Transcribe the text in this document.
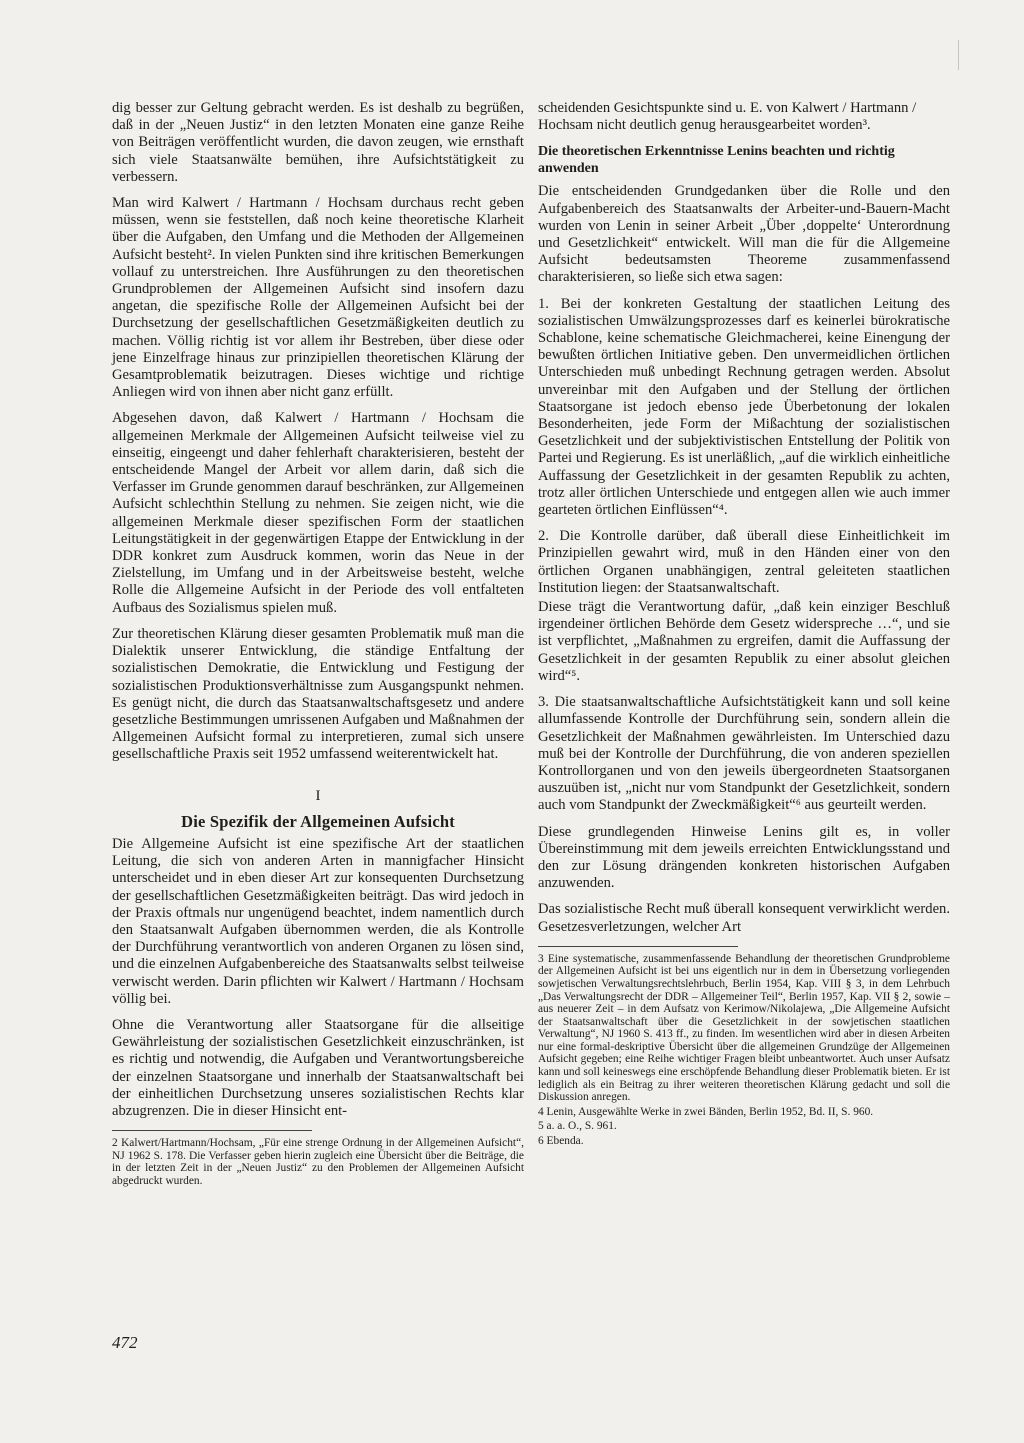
dig besser zur Geltung gebracht werden. Es ist deshalb zu begrüßen, daß in der „Neuen Justiz“ in den letzten Monaten eine ganze Reihe von Beiträgen veröffentlicht wurden, die davon zeugen, wie ernsthaft sich viele Staatsanwälte bemühen, ihre Aufsichtstätigkeit zu verbessern.

Man wird Kalwert / Hartmann / Hochsam durchaus recht geben müssen, wenn sie feststellen, daß noch keine theoretische Klarheit über die Aufgaben, den Umfang und die Methoden der Allgemeinen Aufsicht besteht². In vielen Punkten sind ihre kritischen Bemerkungen vollauf zu unterstreichen. Ihre Ausführungen zu den theoretischen Grundproblemen der Allgemeinen Aufsicht sind insofern dazu angetan, die spezifische Rolle der Allgemeinen Aufsicht bei der Durchsetzung der gesellschaftlichen Gesetzmäßigkeiten deutlich zu machen. Völlig richtig ist vor allem ihr Bestreben, über diese oder jene Einzelfrage hinaus zur prinzipiellen theoretischen Klärung der Gesamtproblematik beizutragen. Dieses wichtige und richtige Anliegen wird von ihnen aber nicht ganz erfüllt.

Abgesehen davon, daß Kalwert / Hartmann / Hochsam die allgemeinen Merkmale der Allgemeinen Aufsicht teilweise viel zu einseitig, eingeengt und daher fehlerhaft charakterisieren, besteht der entscheidende Mangel der Arbeit vor allem darin, daß sich die Verfasser im Grunde genommen darauf beschränken, zur Allgemeinen Aufsicht schlechthin Stellung zu nehmen. Sie zeigen nicht, wie die allgemeinen Merkmale dieser spezifischen Form der staatlichen Leitungstätigkeit in der gegenwärtigen Etappe der Entwicklung in der DDR konkret zum Ausdruck kommen, worin das Neue in der Zielstellung, im Umfang und in der Arbeitsweise besteht, welche Rolle die Allgemeine Aufsicht in der Periode des voll entfalteten Aufbaus des Sozialismus spielen muß.

Zur theoretischen Klärung dieser gesamten Problematik muß man die Dialektik unserer Entwicklung, die ständige Entfaltung der sozialistischen Demokratie, die Entwicklung und Festigung der sozialistischen Produktionsverhältnisse zum Ausgangspunkt nehmen. Es genügt nicht, die durch das Staatsanwaltschaftsgesetz und andere gesetzliche Bestimmungen umrissenen Aufgaben und Maßnahmen der Allgemeinen Aufsicht formal zu interpretieren, zumal sich unsere gesellschaftliche Praxis seit 1952 umfassend weiterentwickelt hat.

I
Die Spezifik der Allgemeinen Aufsicht

Die Allgemeine Aufsicht ist eine spezifische Art der staatlichen Leitung, die sich von anderen Arten in mannigfacher Hinsicht unterscheidet und in eben dieser Art zur konsequenten Durchsetzung der gesellschaftlichen Gesetzmäßigkeiten beiträgt. Das wird jedoch in der Praxis oftmals nur ungenügend beachtet, indem namentlich durch den Staatsanwalt Aufgaben übernommen werden, die als Kontrolle der Durchführung verantwortlich von anderen Organen zu lösen sind, und die einzelnen Aufgabenbereiche des Staatsanwalts selbst teilweise verwischt werden. Darin pflichten wir Kalwert / Hartmann / Hochsam völlig bei.

Ohne die Verantwortung aller Staatsorgane für die allseitige Gewährleistung der sozialistischen Gesetzlichkeit einzuschränken, ist es richtig und notwendig, die Aufgaben und Verantwortungsbereiche der einzelnen Staatsorgane und innerhalb der Staatsanwaltschaft bei der einheitlichen Durchsetzung unseres sozialistischen Rechts klar abzugrenzen. Die in dieser Hinsicht ent-

2 Kalwert/Hartmann/Hochsam, „Für eine strenge Ordnung in der Allgemeinen Aufsicht“, NJ 1962 S. 178. Die Verfasser geben hierin zugleich eine Übersicht über die Beiträge, die in der letzten Zeit in der „Neuen Justiz“ zu den Problemen der Allgemeinen Aufsicht abgedruckt wurden.

scheidenden Gesichtspunkte sind u. E. von Kalwert / Hartmann / Hochsam nicht deutlich genug herausgearbeitet worden³.

Die theoretischen Erkenntnisse Lenins beachten und richtig anwenden

Die entscheidenden Grundgedanken über die Rolle und den Aufgabenbereich des Staatsanwalts der Arbeiter-und-Bauern-Macht wurden von Lenin in seiner Arbeit „Über ‚doppelte‘ Unterordnung und Gesetzlichkeit“ entwickelt. Will man die für die Allgemeine Aufsicht bedeutsamsten Theoreme zusammenfassend charakterisieren, so ließe sich etwa sagen:

1. Bei der konkreten Gestaltung der staatlichen Leitung des sozialistischen Umwälzungsprozesses darf es keinerlei bürokratische Schablone, keine schematische Gleichmacherei, keine Einengung der bewußten örtlichen Initiative geben. Den unvermeidlichen örtlichen Unterschieden muß unbedingt Rechnung getragen werden. Absolut unvereinbar mit den Aufgaben und der Stellung der örtlichen Staatsorgane ist jedoch ebenso jede Überbetonung der lokalen Besonderheiten, jede Form der Mißachtung der sozialistischen Gesetzlichkeit und der subjektivistischen Entstellung der Politik von Partei und Regierung. Es ist unerläßlich, „auf die wirklich einheitliche Auffassung der Gesetzlichkeit in der gesamten Republik zu achten, trotz aller örtlichen Unterschiede und entgegen allen wie auch immer gearteten örtlichen Einflüssen“⁴.

2. Die Kontrolle darüber, daß überall diese Einheitlichkeit im Prinzipiellen gewahrt wird, muß in den Händen einer von den örtlichen Organen unabhängigen, zentral geleiteten staatlichen Institution liegen: der Staatsanwaltschaft.

Diese trägt die Verantwortung dafür, „daß kein einziger Beschluß irgendeiner örtlichen Behörde dem Gesetz widerspreche …“, und sie ist verpflichtet, „Maßnahmen zu ergreifen, damit die Auffassung der Gesetzlichkeit in der gesamten Republik zu einer absolut gleichen wird“⁵.

3. Die staatsanwaltschaftliche Aufsichtstätigkeit kann und soll keine allumfassende Kontrolle der Durchführung sein, sondern allein die Gesetzlichkeit der Maßnahmen gewährleisten. Im Unterschied dazu muß bei der Kontrolle der Durchführung, die von anderen speziellen Kontrollorganen und von den jeweils übergeordneten Staatsorganen auszuüben ist, „nicht nur vom Standpunkt der Gesetzlichkeit, sondern auch vom Standpunkt der Zweckmäßigkeit“⁶ aus geurteilt werden.

Diese grundlegenden Hinweise Lenins gilt es, in voller Übereinstimmung mit dem jeweils erreichten Entwicklungsstand und den zur Lösung drängenden konkreten historischen Aufgaben anzuwenden.

Das sozialistische Recht muß überall konsequent verwirklicht werden. Gesetzesverletzungen, welcher Art

3 Eine systematische, zusammenfassende Behandlung der theoretischen Grundprobleme der Allgemeinen Aufsicht ist bei uns eigentlich nur in dem in Übersetzung vorliegenden sowjetischen Verwaltungsrechtslehrbuch, Berlin 1954, Kap. VIII § 3, in dem Lehrbuch „Das Verwaltungsrecht der DDR – Allgemeiner Teil“, Berlin 1957, Kap. VII § 2, sowie – aus neuerer Zeit – in dem Aufsatz von Kerimow/Nikolajewa, „Die Allgemeine Aufsicht der Staatsanwaltschaft über die Gesetzlichkeit in der sowjetischen staatlichen Verwaltung“, NJ 1960 S. 413 ff., zu finden. Im wesentlichen wird aber in diesen Arbeiten nur eine formal-deskriptive Übersicht über die allgemeinen Grundzüge der Allgemeinen Aufsicht gegeben; eine Reihe wichtiger Fragen bleibt unbeantwortet. Auch unser Aufsatz kann und soll keineswegs eine erschöpfende Behandlung dieser Problematik bieten. Er ist lediglich als ein Beitrag zu ihrer weiteren theoretischen Klärung gedacht und soll die Diskussion anregen.

4 Lenin, Ausgewählte Werke in zwei Bänden, Berlin 1952, Bd. II, S. 960.

5 a. a. O., S. 961.

6 Ebenda.

472
